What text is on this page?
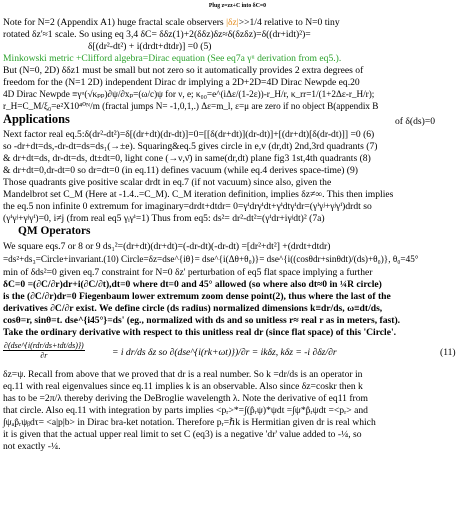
Plug z=zz+C into δC=0
Note for N=2 (Appendix A1) huge fractal scale observers |δz|>>1/4 relative to N=0 tiny
rotated δz'≈1 scale. So using eq 3,4 δC= δδz(1)+2(δδz)δz≈δ(δzδz)=δ((dr+idt)²)=
δ[(dr²-dt²) + i(drdt+dtdr)] =0 (5)
Minkowski metric +Clifford algebra=Dirac equation (See eq7a γᵘ derivation from eq5.).
But (N=0, 2D) δδz1 must be small but not zero so it automatically provides 2 extra degrees of
freedom for the (N=1 2D) independent Dirac dr implying a 2D+2D=4D Dirac Newpde eq.20
4D Dirac Newpde ≡γᵘ(√κₚₚ)∂ψ/∂xₚ=(ω/c)ψ for ν, e; κ₀₀=e^(iΔε/(1-2ε))-r_H/r, κ_rr=1/(1+2Δε-r_H/r);
r_H=C_M/ξ₀=e²X10⁴⁰ᴺ/m (fractal jumps N= -1,0,1,.) Δε=m_l, ε=μ are zero if no object B(appendix B
Applications	of δ(ds)=0
Next factor real eq.5:δ(dr²-dt²)=δ[(dr+dt)(dr-dt)]=0=[[δ(dr+dt)](dr-dt)]+[(dr+dt)[δ(dr-dt)]] =0 (6)
so -dr+dt=ds,-dr-dt=ds=ds₁(→±e). Squaring&eq.5 gives circle in e,v (dr,dt) 2nd,3rd quadrants (7)
& dr+dt=ds, dr-dt=ds, dt±dt=0, light cone (→ν,ν̄) in same(dr,dt) plane fig3 1st,4th quadrants (8)
& dr+dt=0,dr-dt=0 so dr=dt=0 (in eq.11) defines vacuum (while eq.4 derives space-time) (9)
Those quadrants give positive scalar drdt in eq.7 (if not vacuum) since also, given the
Mandelbrot set C_M (Here at -1.4..=C_M). C_M iteration definition, implies δz≠∞. This then implies
the eq.5 non infinite 0 extremum for imaginary=drdt+dtdr= 0=γⁱdrγⁱdt+γⁱdtγⁱdr=(γⁱγʲ+γʲγⁱ)drdt so
(γⁱγʲ+γʲγⁱ)=0, i≠j (from real eq5 γᵢγⁱ=1) Thus from eq5: ds²= dr²-dt²=(γⁱdr+iγʲdt)² (7a)
QM Operators
We square eqs.7 or 8 or 9 ds₁²=(dr+dt)(dr+dt)=(-dr-dt)(-dr-dt) =[dr²+dt²] +(drdt+dtdr)
=ds²+ds₃=Circle+invariant.(10) Circle=δz=dse^{iθ}= dse^{i(Δθ+θ₀)}= dse^{i((cosθdr+sinθdt)/(ds)+θ₀)}, θ₀=45°
min of δds²=0 given eq.7 constraint for N=0 δz' perturbation of eq5 flat space implying a further
δC=0 =(∂C/∂r)dr+i(∂C/∂t),dt=0 where dt=0 and 45° allowed (so where also dt≈0 in ¼R circle)
is the (∂C/∂r)dr=0 Fiegenbaum lower extremum zoom dense point(2), thus where the last of the
derivatives ∂C/∂r exist. We define circle (ds radius) normalized dimensions k≡dr/ds, ω≡dt/ds,
cosθ=r, sinθ=t. dse^{i45°}=ds' (eg., normalized with ds and so unitless r≈ real r as in meters, fast).
Take the ordinary derivative with respect to this unitless real dr (since flat space) of this 'Circle'.
∂(dse^{i(rdr/ds+tdt/ds)})
∂r	= i dr/ds δz so ∂(dse^{i(rk+ωt)})/∂r = ikδz, kδz = -i ∂δz/∂r	(11)
δz=ψ. Recall from above that we proved that dr is a real number. So k =dr/ds is an operator in
eq.11 with real eigenvalues since eq.11 implies k is an observable. Also since δz=coskr then k
has to be =2π/λ thereby deriving the DeBroglie wavelength λ. Note the derivative of eq11 from
that circle. Also eq.11 with integration by parts implies <pᵣ>*=∫(p̂ᵣψ)*ψdt =∫ψ*p̂ᵣψdt =<pᵣ> and
∫ψₐp̂ᵣψᵦdτ= <a|p|b> in Dirac bra-ket notation. Therefore pᵣ=ℏk is Hermitian given dr is real which
it is given that the actual upper real limit to set C (eq3) is a negative 'dr' value added to -¼, so
not exactly -¼.
